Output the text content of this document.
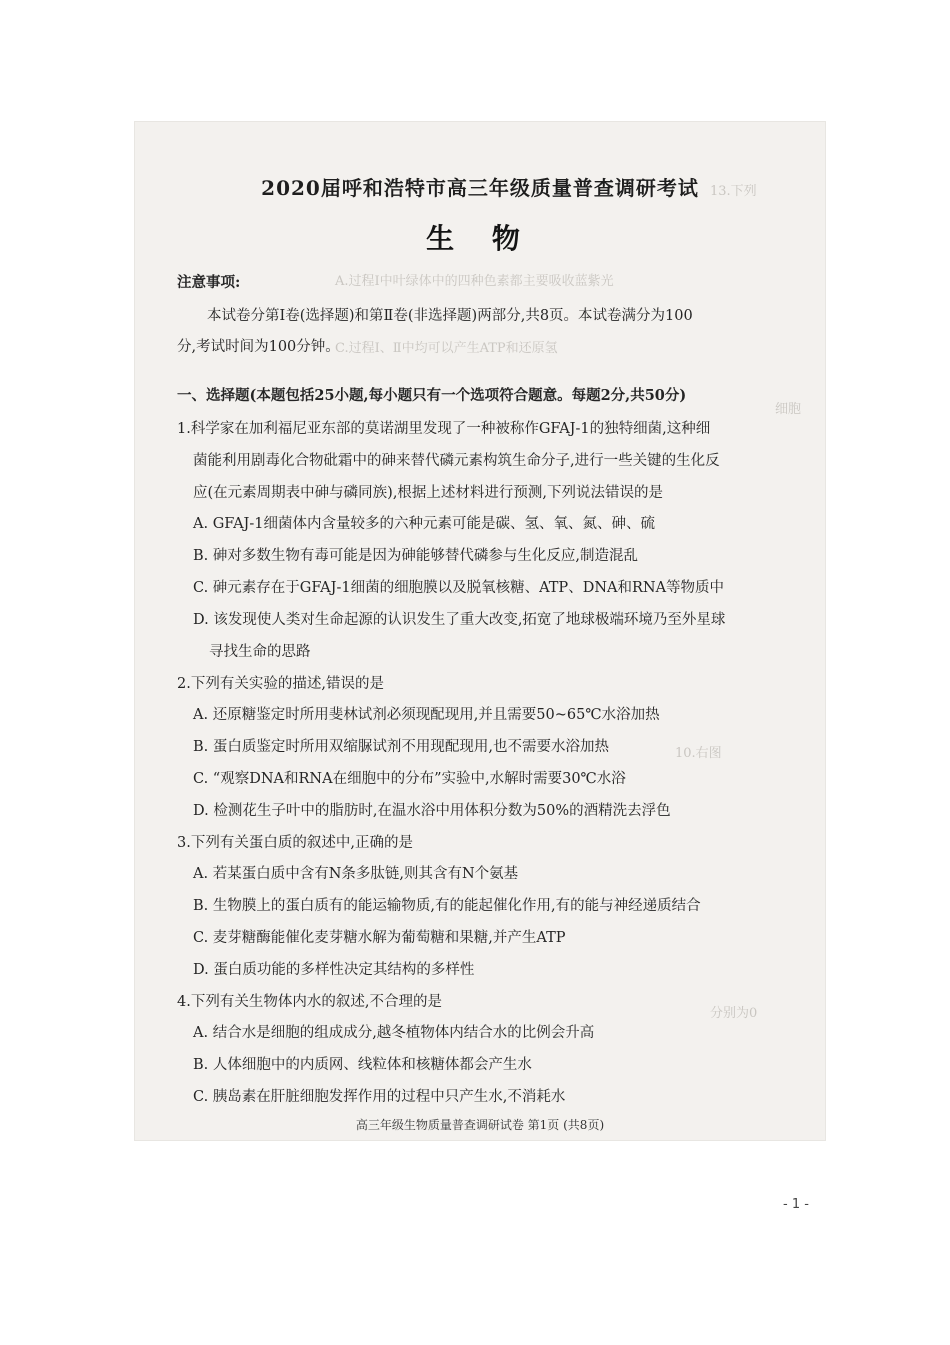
13.下列
A.过程Ⅰ中叶绿体中的四种色素都主要吸收蓝紫光
C.过程Ⅰ、Ⅱ中均可以产生ATP和还原氢
细胞
10.右图
分别为0
2020届呼和浩特市高三年级质量普查调研考试
生 物
注意事项:
本试卷分第Ⅰ卷(选择题)和第Ⅱ卷(非选择题)两部分,共8页。本试卷满分为100
分,考试时间为100分钟。
一、选择题(本题包括25小题,每小题只有一个选项符合题意。每题2分,共50分)
1.科学家在加利福尼亚东部的莫诺湖里发现了一种被称作GFAJ-1的独特细菌,这种细
菌能利用剧毒化合物砒霜中的砷来替代磷元素构筑生命分子,进行一些关键的生化反
应(在元素周期表中砷与磷同族),根据上述材料进行预测,下列说法错误的是
A. GFAJ-1细菌体内含量较多的六种元素可能是碳、氢、氧、氮、砷、硫
B. 砷对多数生物有毒可能是因为砷能够替代磷参与生化反应,制造混乱
C. 砷元素存在于GFAJ-1细菌的细胞膜以及脱氧核糖、ATP、DNA和RNA等物质中
D. 该发现使人类对生命起源的认识发生了重大改变,拓宽了地球极端环境乃至外星球
寻找生命的思路
2.下列有关实验的描述,错误的是
A. 还原糖鉴定时所用斐林试剂必须现配现用,并且需要50~65℃水浴加热
B. 蛋白质鉴定时所用双缩脲试剂不用现配现用,也不需要水浴加热
C. “观察DNA和RNA在细胞中的分布”实验中,水解时需要30℃水浴
D. 检测花生子叶中的脂肪时,在温水浴中用体积分数为50%的酒精洗去浮色
3.下列有关蛋白质的叙述中,正确的是
A. 若某蛋白质中含有N条多肽链,则其含有N个氨基
B. 生物膜上的蛋白质有的能运输物质,有的能起催化作用,有的能与神经递质结合
C. 麦芽糖酶能催化麦芽糖水解为葡萄糖和果糖,并产生ATP
D. 蛋白质功能的多样性决定其结构的多样性
4.下列有关生物体内水的叙述,不合理的是
A. 结合水是细胞的组成成分,越冬植物体内结合水的比例会升高
B. 人体细胞中的内质网、线粒体和核糖体都会产生水
C. 胰岛素在肝脏细胞发挥作用的过程中只产生水,不消耗水
高三年级生物质量普查调研试卷 第1页 (共8页)
- 1 -
